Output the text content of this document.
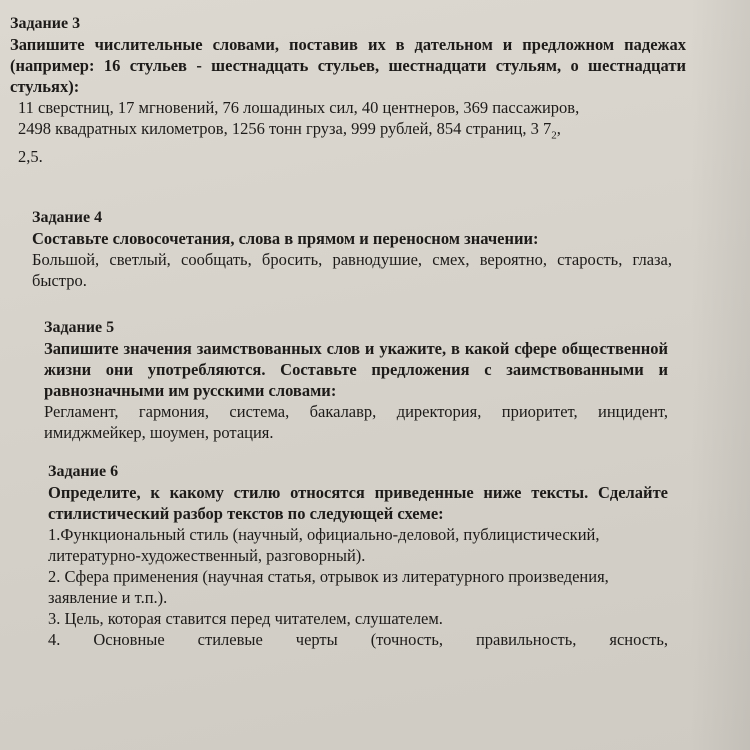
Задание 3

Запишите числительные словами, поставив их в дательном и предложном падежах (например: 16 стульев - шестнадцать стульев, шестнадцати стульям, о шестнадцати стульях):

11 сверстниц, 17 мгновений, 76 лошадиных сил, 40 центнеров, 369 пассажиров,

2498 квадратных километров, 1256 тонн груза, 999 рублей, 854 страниц, 3 $7_2$,

2,5.

Задание 4

Составьте словосочетания, слова в прямом и переносном значении:

Большой, светлый, сообщать, бросить, равнодушие, смех, вероятно, старость, глаза, быстро.

Задание 5

Запишите значения заимствованных слов и укажите, в какой сфере общественной жизни они употребляются. Составьте предложения с заимствованными и равнозначными им русскими словами:

Регламент, гармония, система, бакалавр, директория, приоритет, инцидент, имиджмейкер, шоумен, ротация.

Задание 6

Определите, к какому стилю относятся приведенные ниже тексты. Сделайте стилистический разбор текстов по следующей схеме:

1.Функциональный стиль (научный, официально-деловой, публицистический, литературно-художественный, разговорный).

2. Сфера применения (научная статья, отрывок из литературного произведения, заявление и т.п.).

3. Цель, которая ставится перед читателем, слушателем.

4. Основные стилевые черты (точность, правильность, ясность,
